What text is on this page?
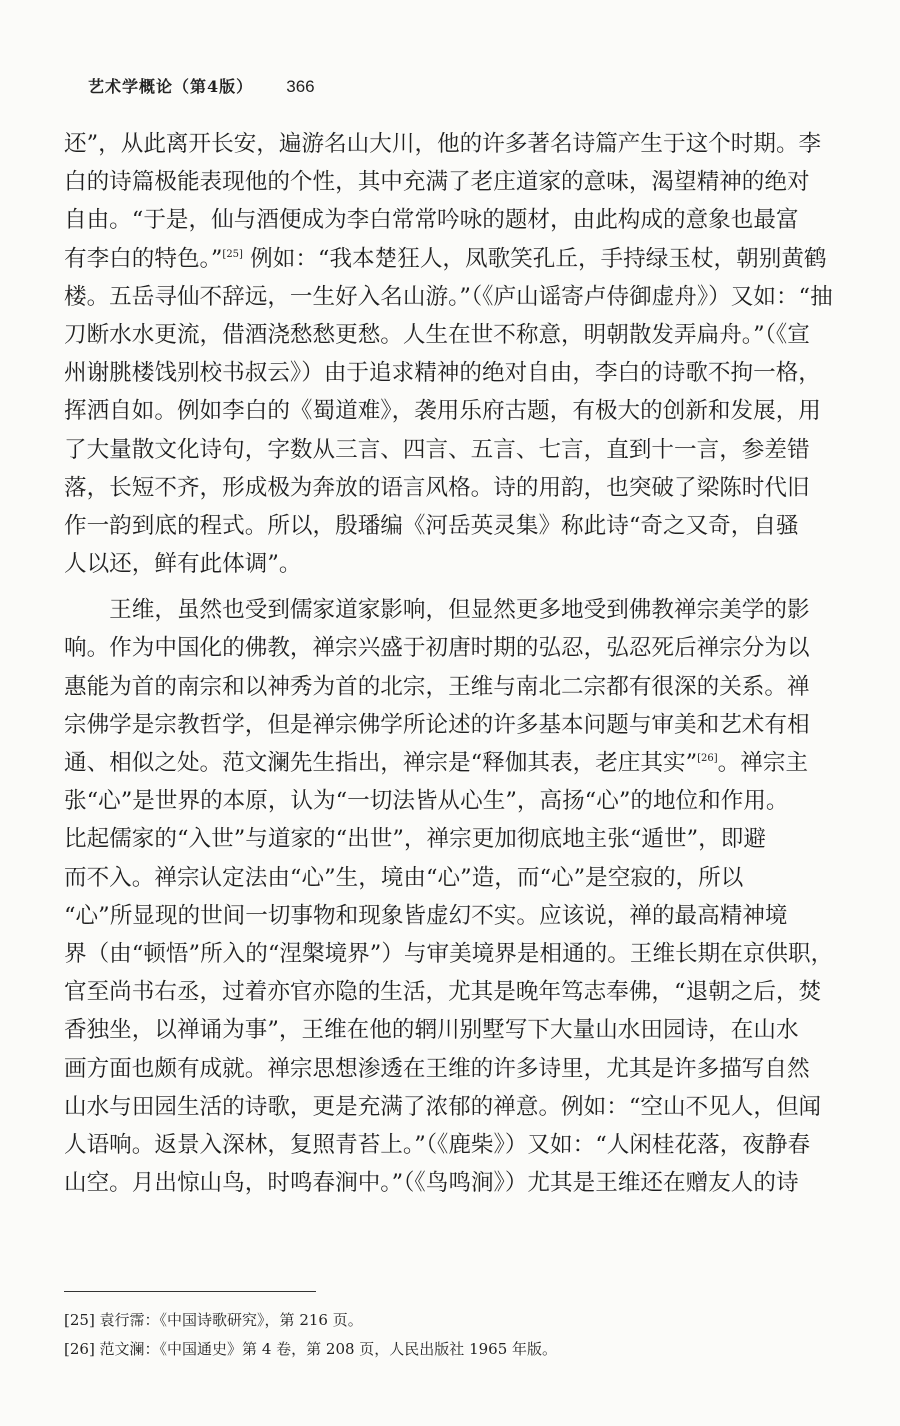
艺术学概论（第4版） 366
还”，从此离开长安，遍游名山大川，他的许多著名诗篇产生于这个时期。李
白的诗篇极能表现他的个性，其中充满了老庄道家的意味，渴望精神的绝对
自由。“于是，仙与酒便成为李白常常吟咏的题材，由此构成的意象也最富
有李白的特色。”[25] 例如：“我本楚狂人，凤歌笑孔丘，手持绿玉杖，朝别黄鹤
楼。五岳寻仙不辞远，一生好入名山游。”（《庐山谣寄卢侍御虚舟》）又如：“抽
刀断水水更流，借酒浇愁愁更愁。人生在世不称意，明朝散发弄扁舟。”（《宣
州谢朓楼饯别校书叔云》）由于追求精神的绝对自由，李白的诗歌不拘一格，
挥洒自如。例如李白的《蜀道难》，袭用乐府古题，有极大的创新和发展，用
了大量散文化诗句，字数从三言、四言、五言、七言，直到十一言，参差错
落，长短不齐，形成极为奔放的语言风格。诗的用韵，也突破了梁陈时代旧
作一韵到底的程式。所以，殷璠编《河岳英灵集》称此诗“奇之又奇，自骚
人以还，鲜有此体调”。
　　王维，虽然也受到儒家道家影响，但显然更多地受到佛教禅宗美学的影
响。作为中国化的佛教，禅宗兴盛于初唐时期的弘忍，弘忍死后禅宗分为以
惠能为首的南宗和以神秀为首的北宗，王维与南北二宗都有很深的关系。禅
宗佛学是宗教哲学，但是禅宗佛学所论述的许多基本问题与审美和艺术有相
通、相似之处。范文澜先生指出，禅宗是“释伽其表，老庄其实”[26]。禅宗主
张“心”是世界的本原，认为“一切法皆从心生”，高扬“心”的地位和作用。
比起儒家的“入世”与道家的“出世”，禅宗更加彻底地主张“遁世”，即避
而不入。禅宗认定法由“心”生，境由“心”造，而“心”是空寂的，所以
“心”所显现的世间一切事物和现象皆虚幻不实。应该说，禅的最高精神境
界（由“顿悟”所入的“涅槃境界”）与审美境界是相通的。王维长期在京供职，
官至尚书右丞，过着亦官亦隐的生活，尤其是晚年笃志奉佛，“退朝之后，焚
香独坐，以禅诵为事”，王维在他的辋川别墅写下大量山水田园诗，在山水
画方面也颇有成就。禅宗思想渗透在王维的许多诗里，尤其是许多描写自然
山水与田园生活的诗歌，更是充满了浓郁的禅意。例如：“空山不见人，但闻
人语响。返景入深林，复照青苔上。”（《鹿柴》）又如：“人闲桂花落，夜静春
山空。月出惊山鸟，时鸣春涧中。”（《鸟鸣涧》）尤其是王维还在赠友人的诗
[25] 袁行霈：《中国诗歌研究》，第 216 页。
[26] 范文澜：《中国通史》第 4 卷，第 208 页，人民出版社 1965 年版。
